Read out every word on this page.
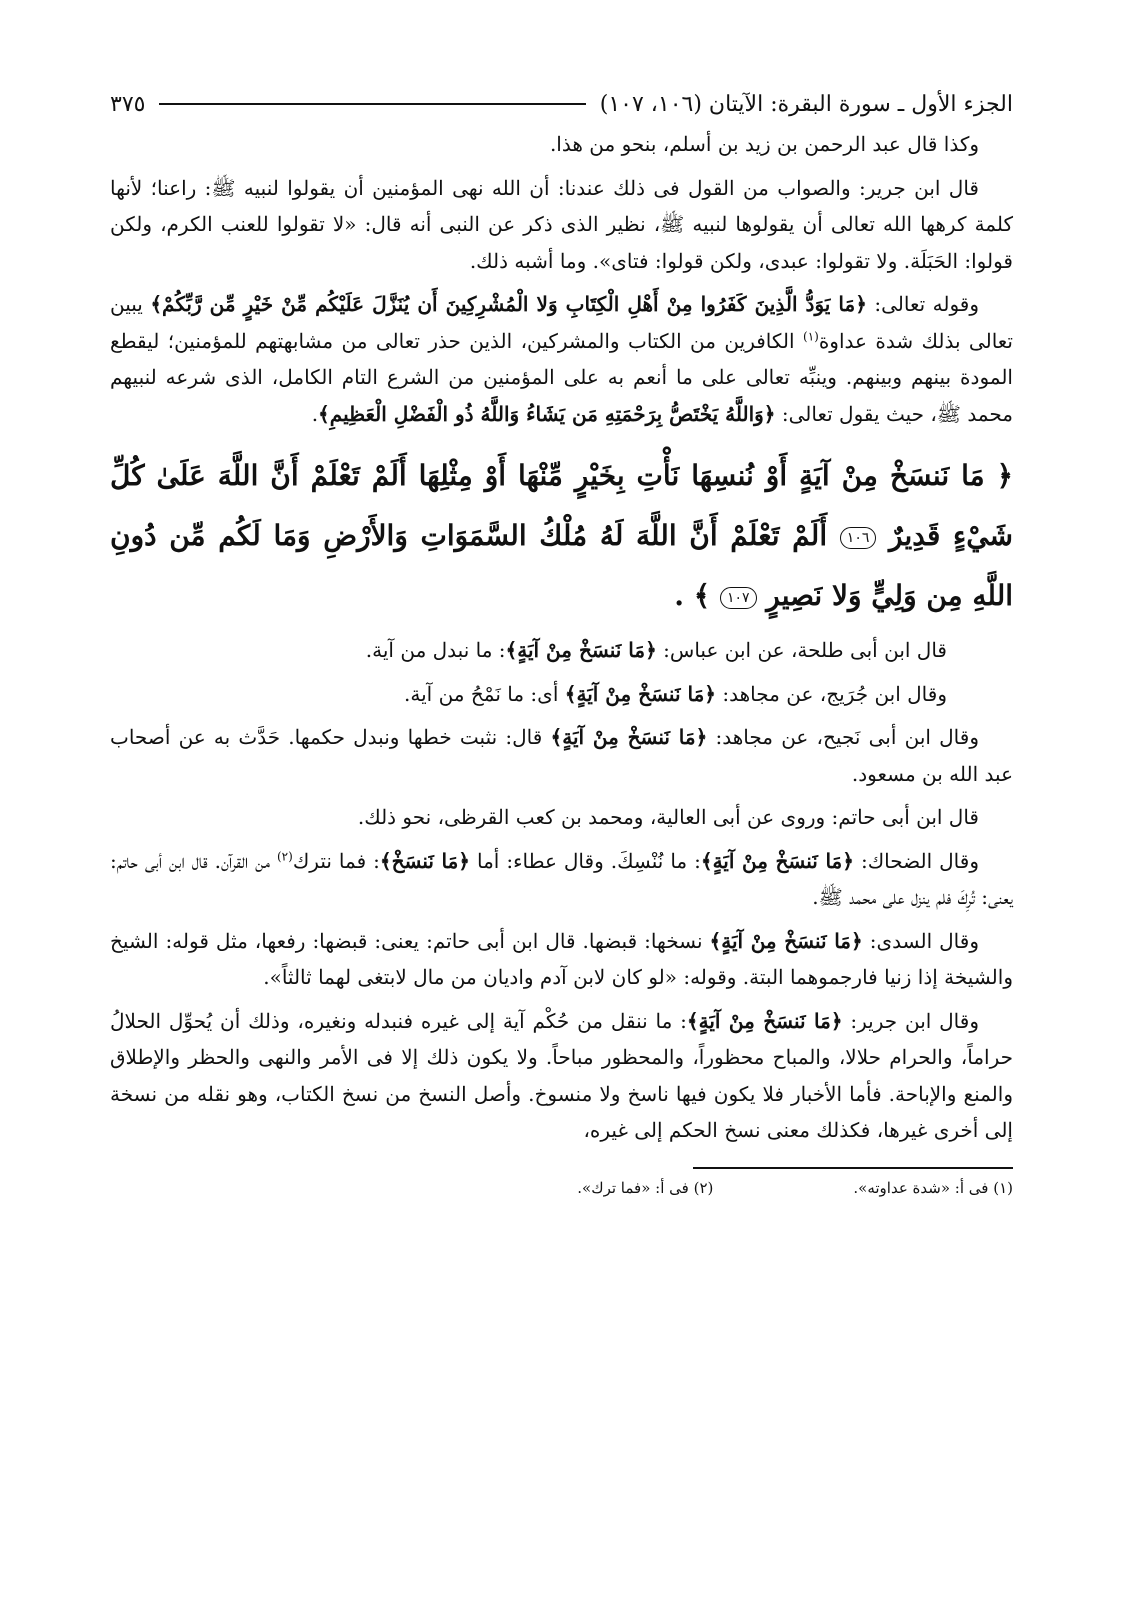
الجزء الأول ـ سورة البقرة: الآيتان (١٠٦، ١٠٧)
٣٧٥

وكذا قال عبد الرحمن بن زيد بن أسلم، بنحو من هذا.

قال ابن جرير: والصواب من القول فى ذلك عندنا: أن الله نهى المؤمنين أن يقولوا لنبيه ﷺ: راعنا؛ لأنها كلمة كرهها الله تعالى أن يقولوها لنبيه ﷺ، نظير الذى ذكر عن النبى أنه قال: «لا تقولوا للعنب الكرم، ولكن قولوا: الحَبَلَة. ولا تقولوا: عبدى، ولكن قولوا: فتاى». وما أشبه ذلك.

وقوله تعالى: ﴿مَا يَوَدُّ الَّذِينَ كَفَرُوا مِنْ أَهْلِ الْكِتَابِ وَلا الْمُشْرِكِينَ أَن يُنَزَّلَ عَلَيْكُم مِّنْ خَيْرٍ مِّن رَّبِّكُمْ﴾ يبين تعالى بذلك شدة عداوة$^{(١)}$ الكافرين من الكتاب والمشركين، الذين حذر تعالى من مشابهتهم للمؤمنين؛ ليقطع المودة بينهم وبينهم. وينبِّه تعالى على ما أنعم به على المؤمنين من الشرع التام الكامل، الذى شرعه لنبيهم محمد ﷺ، حيث يقول تعالى: ﴿وَاللَّهُ يَخْتَصُّ بِرَحْمَتِهِ مَن يَشَاءُ وَاللَّهُ ذُو الْفَضْلِ الْعَظِيمِ﴾.

﴿ مَا نَنسَخْ مِنْ آيَةٍ أَوْ نُنسِهَا نَأْتِ بِخَيْرٍ مِّنْهَا أَوْ مِثْلِهَا أَلَمْ تَعْلَمْ أَنَّ اللَّهَ عَلَىٰ كُلِّ شَيْءٍ قَدِيرٌ ١٠٦ أَلَمْ تَعْلَمْ أَنَّ اللَّهَ لَهُ مُلْكُ السَّمَوَاتِ وَالأَرْضِ وَمَا لَكُم مِّن دُونِ اللَّهِ مِن وَلِيٍّ وَلا نَصِيرٍ ١٠٧ ﴾ .

قال ابن أبى طلحة، عن ابن عباس: ﴿مَا نَنسَخْ مِنْ آيَةٍ﴾: ما نبدل من آية.

وقال ابن جُرَيج، عن مجاهد: ﴿مَا نَنسَخْ مِنْ آيَةٍ﴾ أى: ما نَمْحُ من آية.

وقال ابن أبى نَجيح، عن مجاهد: ﴿مَا نَنسَخْ مِنْ آيَةٍ﴾ قال: نثبت خطها ونبدل حكمها. حَدَّث به عن أصحاب عبد الله بن مسعود.

قال ابن أبى حاتم: وروى عن أبى العالية، ومحمد بن كعب القرظى، نحو ذلك.

وقال الضحاك: ﴿مَا نَنسَخْ مِنْ آيَةٍ﴾: ما نُنْسِكَ. وقال عطاء: أما ﴿مَا نَنسَخْ﴾: فما نترك$^{(٢)}$ من القرآن. قال ابن أبى حاتم: يعنى: تُرِكَ فلم ينزل على محمد ﷺ.

وقال السدى: ﴿مَا نَنسَخْ مِنْ آيَةٍ﴾ نسخها: قبضها. قال ابن أبى حاتم: يعنى: قبضها: رفعها، مثل قوله: الشيخ والشيخة إذا زنيا فارجموهما البتة. وقوله: «لو كان لابن آدم واديان من مال لابتغى لهما ثالثاً».

وقال ابن جرير: ﴿مَا نَنسَخْ مِنْ آيَةٍ﴾: ما ننقل من حُكْم آية إلى غيره فنبدله ونغيره، وذلك أن يُحوِّل الحلالُ حراماً، والحرام حلالا، والمباح محظوراً، والمحظور مباحاً. ولا يكون ذلك إلا فى الأمر والنهى والحظر والإطلاق والمنع والإباحة. فأما الأخبار فلا يكون فيها ناسخ ولا منسوخ. وأصل النسخ من نسخ الكتاب، وهو نقله من نسخة إلى أخرى غيرها، فكذلك معنى نسخ الحكم إلى غيره،

(١) فى أ: «شدة عداوته».
(٢) فى أ: «فما ترك».
